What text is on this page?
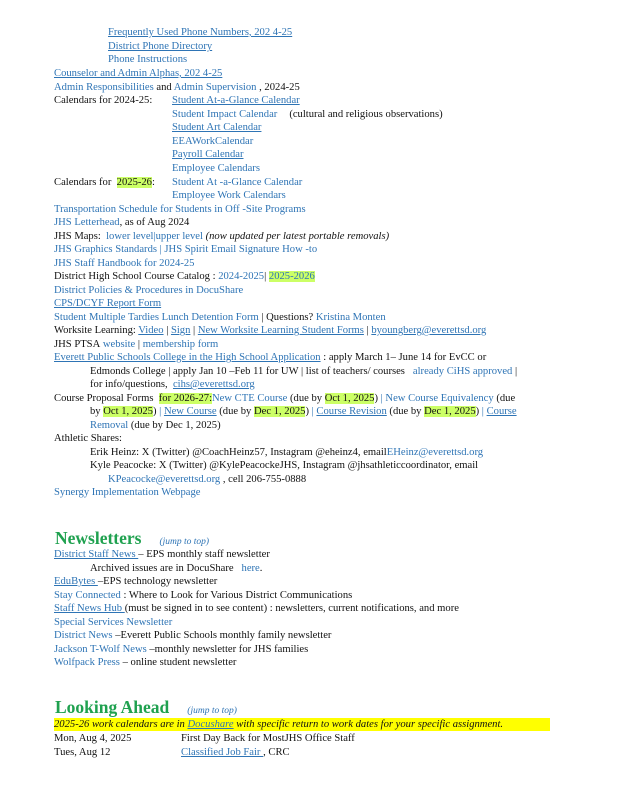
Frequently Used Phone Numbers, 202 4-25
District Phone Directory
Phone Instructions
Counselor and Admin Alphas, 202 4-25
Admin Responsibilities and Admin Supervision , 2024-25
Calendars for 2024-25: Student At-a-Glance Calendar
Student Impact Calendar (cultural and religious observations)
Student Art Calendar
EEAWorkCalendar
Payroll Calendar
Employee Calendars
Calendars for 2025-26: Student At -a-Glance Calendar
Employee Work Calendars
Transportation Schedule for Students in Off -Site Programs
JHS Letterhead, as of Aug 2024
JHS Maps: lower level|upper level (now updated per latest portable removals)
JHS Graphics Standards | JHS Spirit Email Signature How -to
JHS Staff Handbook for 2024-25
District High School Course Catalog : 2024-2025| 2025-2026
District Policies & Procedures in DocuShare
CPS/DCYF Report Form
Student Multiple Tardies Lunch Detention Form | Questions? Kristina Monten
Worksite Learning: Video | Sign | New Worksite Learning Student Forms | byoungberg@everettsd.org
JHS PTSA website | membership form
Everett Public Schools College in the High School Application : apply March 1– June 14 for EvCC or
Edmonds College | apply Jan 10 –Feb 11 for UW | list of teachers/ courses already CiHS approved |
for info/questions,  cihs@everettsd.org
Course Proposal Forms for 2026-27:New CTE Course (due by Oct 1, 2025) | New Course Equivalency (due
by Oct 1, 2025) | New Course (due by Dec 1, 2025) | Course Revision (due by Dec 1, 2025) | Course
Removal (due by Dec 1, 2025)
Athletic Shares:
Erik Heinz: X (Twitter) @CoachHeinz57, Instagram @eheinz4, emailEHeinz@everettsd.org
Kyle Peacocke: X (Twitter) @KylePeacockeJHS, Instagram @jhsathleticcoordinator, email
KPeacocke@everettsd.org , cell 206-755-0888
Synergy Implementation Webpage
Newsletters (jump to top)
District Staff News – EPS monthly staff newsletter
Archived issues are in DocuShare here.
EduBytes –EPS technology newsletter
Stay Connected : Where to Look for Various District Communications
Staff News Hub (must be signed in to see content) : newsletters, current notifications, and more
Special Services Newsletter
District News –Everett Public Schools monthly family newsletter
Jackson T-Wolf News –monthly newsletter for JHS families
Wolfpack Press – online student newsletter
Looking Ahead (jump to top)
2025-26 work calendars are in Docushare with specific return to work dates for your specific assignment.
Mon, Aug 4, 2025	First Day Back for MostJHS Office Staff
Tues, Aug 12	Classified Job Fair , CRC
